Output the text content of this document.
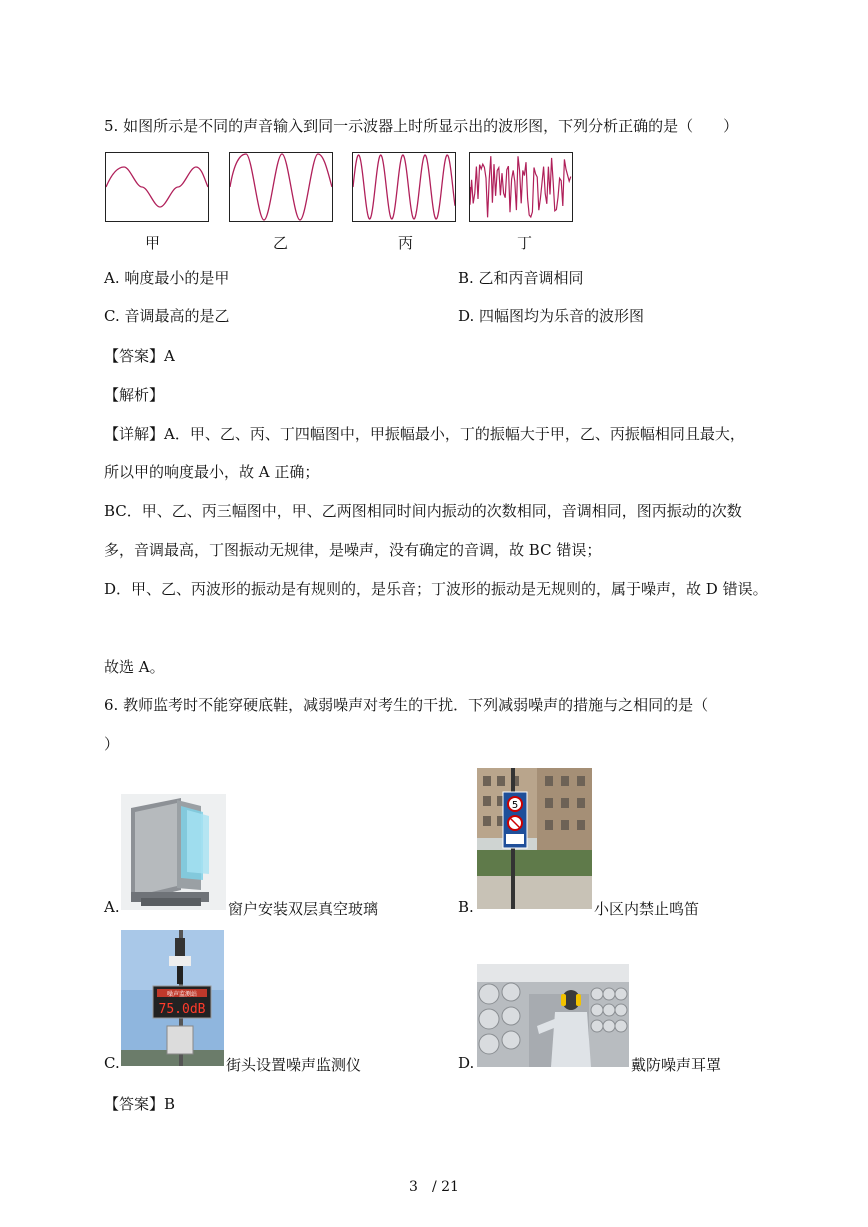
5. 如图所示是不同的声音输入到同一示波器上时所显示出的波形图，下列分析正确的是（　　）
甲	乙	丙	丁
A. 响度最小的是甲	B. 乙和丙音调相同
C. 音调最高的是乙	D. 四幅图均为乐音的波形图
【答案】A
【解析】
【详解】A．甲、乙、丙、丁四幅图中，甲振幅最小，丁的振幅大于甲，乙、丙振幅相同且最大，
所以甲的响度最小，故 A 正确；
BC．甲、乙、丙三幅图中，甲、乙两图相同时间内振动的次数相同，音调相同，图丙振动的次数
多，音调最高，丁图振动无规律，是噪声，没有确定的音调，故 BC 错误；
D．甲、乙、丙波形的振动是有规则的，是乐音；丁波形的振动是无规则的，属于噪声，故 D 错误。
故选 A。
6. 教师监考时不能穿硬底鞋，减弱噪声对考生的干扰．下列减弱噪声的措施与之相同的是（
）
A.	窗户安装双层真空玻璃
5
B.	小区内禁止鸣笛
噪声监测站
75.0dB
C.	街头设置噪声监测仪	D.	戴防噪声耳罩
【答案】B
3　/ 21
